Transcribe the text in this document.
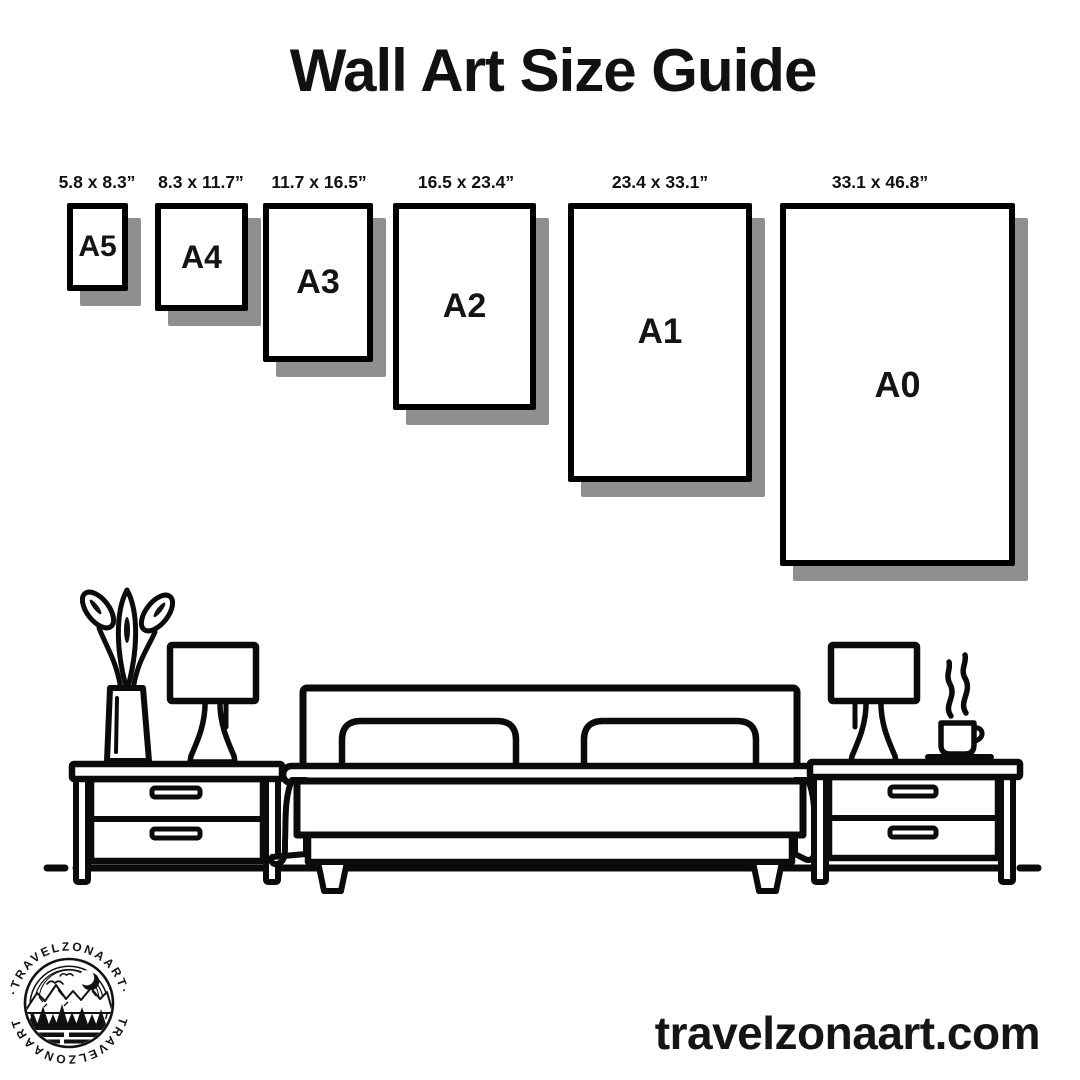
Wall Art Size Guide
5.8 x 8.3” 8.3 x 11.7” 11.7 x 16.5”	16.5 x 23.4”	23.4 x 33.1”	33.1 x 46.8”
A5 A4
A3
A2
A1
A0
·TRAVELZONAART·
TRAVELZONAART	travelzonaart.com
